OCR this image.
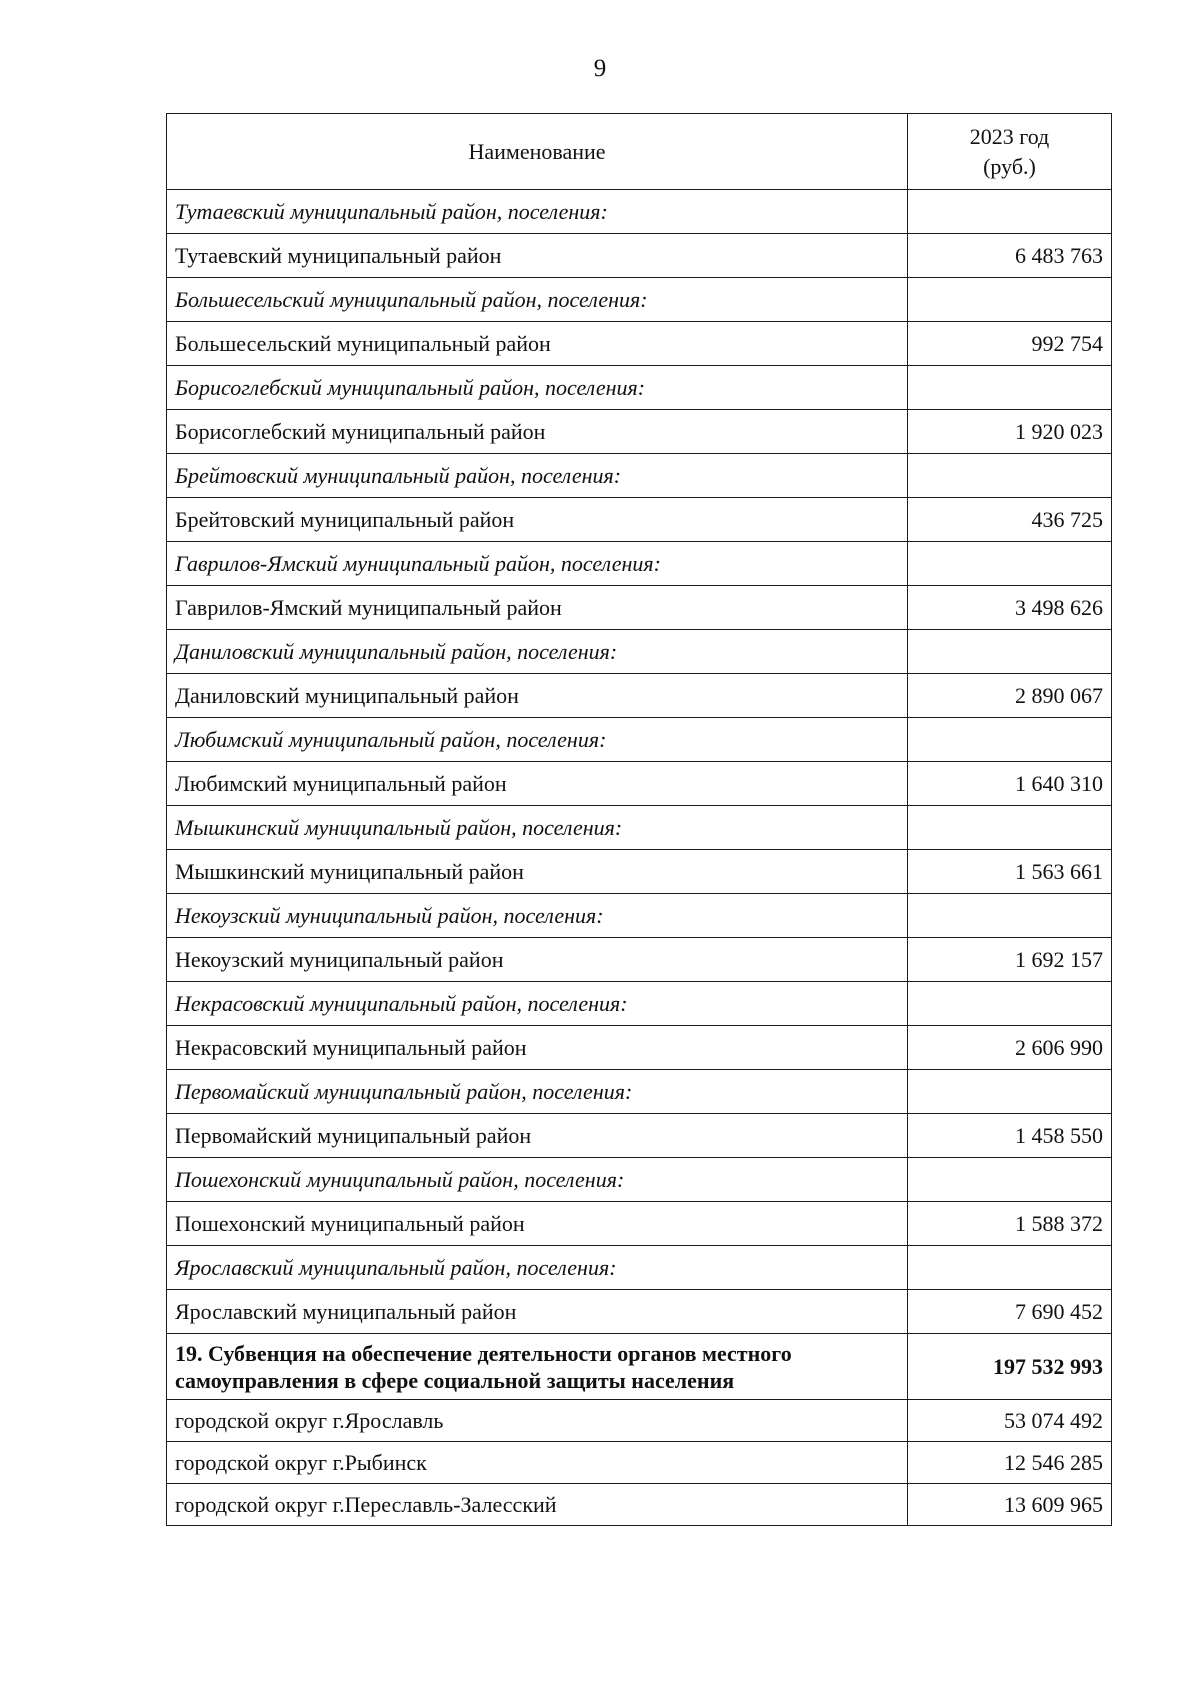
9
Наименование	2023 год
(руб.)

Тутаевский муниципальный район, поселения:	
Тутаевский муниципальный район	6 483 763
Большесельский муниципальный район, поселения:	
Большесельский муниципальный район	992 754
Борисоглебский муниципальный район, поселения:	
Борисоглебский муниципальный район	1 920 023
Брейтовский муниципальный район, поселения:	
Брейтовский муниципальный район	436 725
Гаврилов-Ямский муниципальный район, поселения:	
Гаврилов-Ямский муниципальный район	3 498 626
Даниловский муниципальный район, поселения:	
Даниловский муниципальный район	2 890 067
Любимский муниципальный район, поселения:	
Любимский муниципальный район	1 640 310
Мышкинский муниципальный район, поселения:	
Мышкинский муниципальный район	1 563 661
Некоузский муниципальный район, поселения:	
Некоузский муниципальный район	1 692 157
Некрасовский муниципальный район, поселения:	
Некрасовский муниципальный район	2 606 990
Первомайский муниципальный район, поселения:	
Первомайский муниципальный район	1 458 550
Пошехонский муниципальный район, поселения:	
Пошехонский муниципальный район	1 588 372
Ярославский муниципальный район, поселения:	
Ярославский муниципальный район	7 690 452
19. Субвенция на обеспечение деятельности органов местного самоуправления в сфере социальной защиты населения	197 532 993
городской округ г.Ярославль	53 074 492
городской округ г.Рыбинск	12 546 285
городской округ г.Переславль-Залесский	13 609 965
